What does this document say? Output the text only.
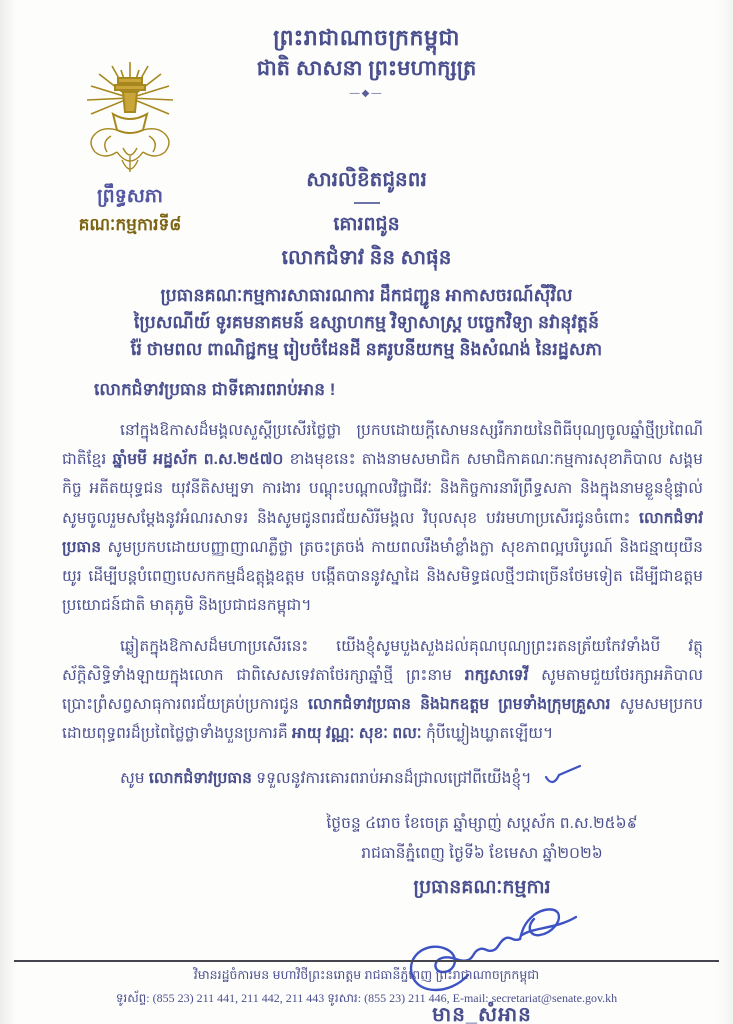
ព្រះរាជាណាចក្រកម្ពុជា
ជាតិ សាសនា ព្រះមហាក្សត្រ
—◆—
ព្រឹទ្ធសភា
គណៈកម្មការទី៨
សារលិខិតជូនពរ
គោរពជូន
លោកជំទាវ និន សាផុន
ប្រធានគណៈកម្មការសាធារណការ ដឹកជញ្ជូន អាកាសចរណ៍ស៊ីវិល
ប្រៃសណីយ៍ ទូរគមនាគមន៍ ឧស្សាហកម្ម វិទ្យាសាស្ត្រ បច្ចេកវិទ្យា នវានុវត្តន៍
រ៉ែ ថាមពល ពាណិជ្ជកម្ម រៀបចំដែនដី នគរូបនីយកម្ម និងសំណង់ នៃរដ្ឋសភា
លោកជំទាវប្រធាន ជាទីគោរពរាប់អាន !

នៅក្នុងឱកាសដ៏មង្គលសួស្តីប្រសើរថ្លៃថ្លា ប្រកបដោយក្តីសោមនស្សរីករាយនៃពិធីបុណ្យចូលឆ្នាំថ្មីប្រពៃណីជាតិខ្មែរ ឆ្នាំមមី អដ្ឋស័ក ព.ស.២៥៧០ ខាងមុខនេះ តាងនាមសមាជិក សមាជិកាគណៈកម្មការសុខាភិបាល សង្គមកិច្ច អតីតយុទ្ធជន យុវនីតិសម្បទា ការងារ បណ្តុះបណ្តាលវិជ្ជាជីវៈ និងកិច្ចការនារីព្រឹទ្ធសភា និងក្នុងនាមខ្លួនខ្ញុំផ្ទាល់ សូមចូលរួមសម្តែងនូវអំណរសាទរ និងសូមជូនពរជ័យសិរីមង្គល វិបុលសុខ បវរមហាប្រសើរជូនចំពោះ លោកជំទាវប្រធាន សូមប្រកបដោយបញ្ញាញាណភ្លឺថ្លា ត្រចះត្រចង់ កាយពលរឹងមាំខ្លាំងក្លា សុខភាពល្អបរិបូរណ៍ និងជន្មាយុយឺនយូរ ដើម្បីបន្តបំពេញបេសកកម្មដ៏ឧត្តុង្គឧត្តម បង្កើតបាននូវស្នាដៃ និងសមិទ្ធផលថ្មីៗជាច្រើនថែមទៀត ដើម្បីជាឧត្តមប្រយោជន៍ជាតិ មាតុភូមិ និងប្រជាជនកម្ពុជា។

ឆ្លៀតក្នុងឱកាសដ៏មហាប្រសើរនេះ យើងខ្ញុំសូមបួងសួងដល់គុណបុណ្យព្រះរតនត្រ័យកែវទាំងបី វត្ថុស័ក្តិសិទ្ធិទាំងឡាយក្នុងលោក ជាពិសេសទេវតាថែរក្សាឆ្នាំថ្មី ព្រះនាម រាក្សសាទេវី សូមតាមជួយថែរក្សាអភិបាល ប្រោះព្រំសព្វសាធុការពរជ័យគ្រប់ប្រការជូន លោកជំទាវប្រធាន និងឯកឧត្តម ព្រមទាំងក្រុមគ្រួសារ សូមសមប្រកបដោយពុទ្ធពរដ៏ប្រពៃថ្លៃថ្លាទាំងបួនប្រការគឺ អាយុ វណ្ណៈ សុខៈ ពលៈ កុំបីឃ្លៀងឃ្លាតឡើយ។

សូម លោកជំទាវប្រធាន ទទួលនូវការគោរពរាប់អានដ៏ជ្រាលជ្រៅពីយើងខ្ញុំ។
ថ្ងៃចន្ទ ៤រោច ខែចេត្រ ឆ្នាំម្សាញ់ សប្តស័ក ព.ស.២៥៦៩
រាជធានីភ្នំពេញ ថ្ងៃទី៦ ខែមេសា ឆ្នាំ២០២៦
ប្រធានគណៈកម្មការ
មាន_សំអាន
វិមានរដ្ឋចំការមន មហាវិថីព្រះនរោត្តម រាជធានីភ្នំពេញ ព្រះរាជាណាចក្រកម្ពុជា
ទូរស័ព្ទ: (855 23) 211 441, 211 442, 211 443 ទូរសារ: (855 23) 211 446, E-mail: secretariat@senate.gov.kh
